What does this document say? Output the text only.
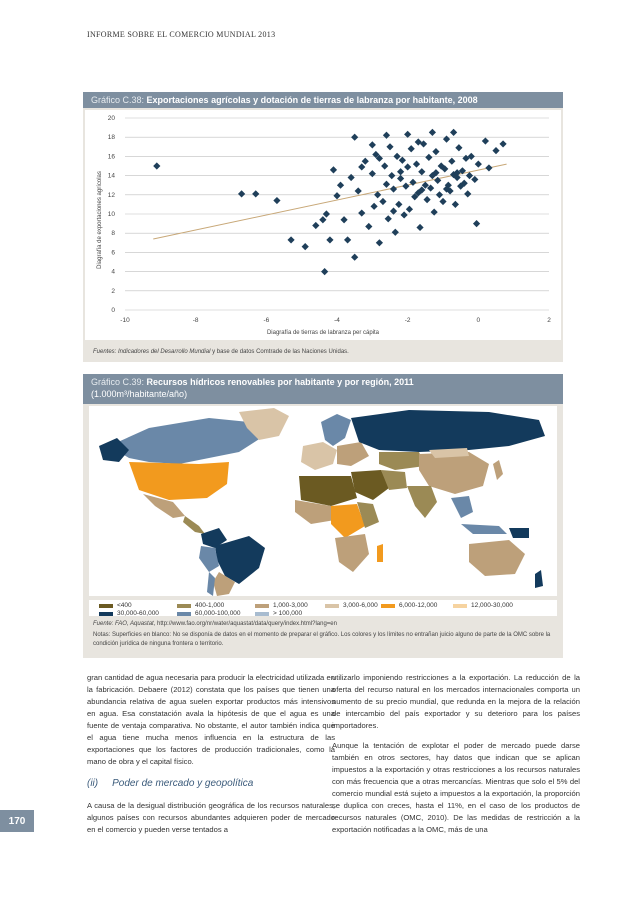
INFORME SOBRE EL COMERCIO MUNDIAL 2013
Gráfico C.38: Exportaciones agrícolas y dotación de tierras de labranza por habitante, 2008
0
2
4
6
8
10
12
14
16
18
20
-10	-8	-6	-4	-2	0	2
Diagrafía de tierras de labranza per cápita
Diagrafía de exportaciones agrícolas
Fuentes: Indicadores del Desarrollo Mundial y base de datos Comtrade de las Naciones Unidas.
Gráfico C.39: Recursos hídricos renovables por habitante y por región, 2011
(1.000m³/habitante/año)
<400	400-1,000	1,000-3,000	3,000-6,000	6,000-12,000	12,000-30,000
30,000-60,000	60,000-100,000	> 100,000
Fuente: FAO, Aquastat, http://www.fao.org/nr/water/aquastat/data/query/index.html?lang=en
Notas: Superficies en blanco: No se disponía de datos en el momento de preparar el gráfico. Los colores y los límites no entrañan juicio alguno de parte de la OMC sobre la condición jurídica de ninguna frontera o territorio.
170

gran cantidad de agua necesaria para producir la electricidad utilizada en la fabricación. Debaere (2012) constata que los países que tienen una abundancia relativa de agua suelen exportar productos más intensivos en agua. Esa constatación avala la hipótesis de que el agua es una fuente de ventaja comparativa. No obstante, el autor también indica que el agua tiene mucha menos influencia en la estructura de las exportaciones que los factores de producción tradicionales, como la mano de obra y el capital físico.

(ii) Poder de mercado y geopolítica

A causa de la desigual distribución geográfica de los recursos naturales, algunos países con recursos abundantes adquieren poder de mercado en el comercio y pueden verse tentados a

utilizarlo imponiendo restricciones a la exportación. La reducción de la oferta del recurso natural en los mercados internacionales comporta un aumento de su precio mundial, que redunda en la mejora de la relación de intercambio del país exportador y su deterioro para los países importadores.

Aunque la tentación de explotar el poder de mercado puede darse también en otros sectores, hay datos que indican que se aplican impuestos a la exportación y otras restricciones a los recursos naturales con más frecuencia que a otras mercancías. Mientras que solo el 5% del comercio mundial está sujeto a impuestos a la exportación, la proporción se duplica con creces, hasta el 11%, en el caso de los productos de recursos naturales (OMC, 2010). De las medidas de restricción a la exportación notificadas a la OMC, más de una
